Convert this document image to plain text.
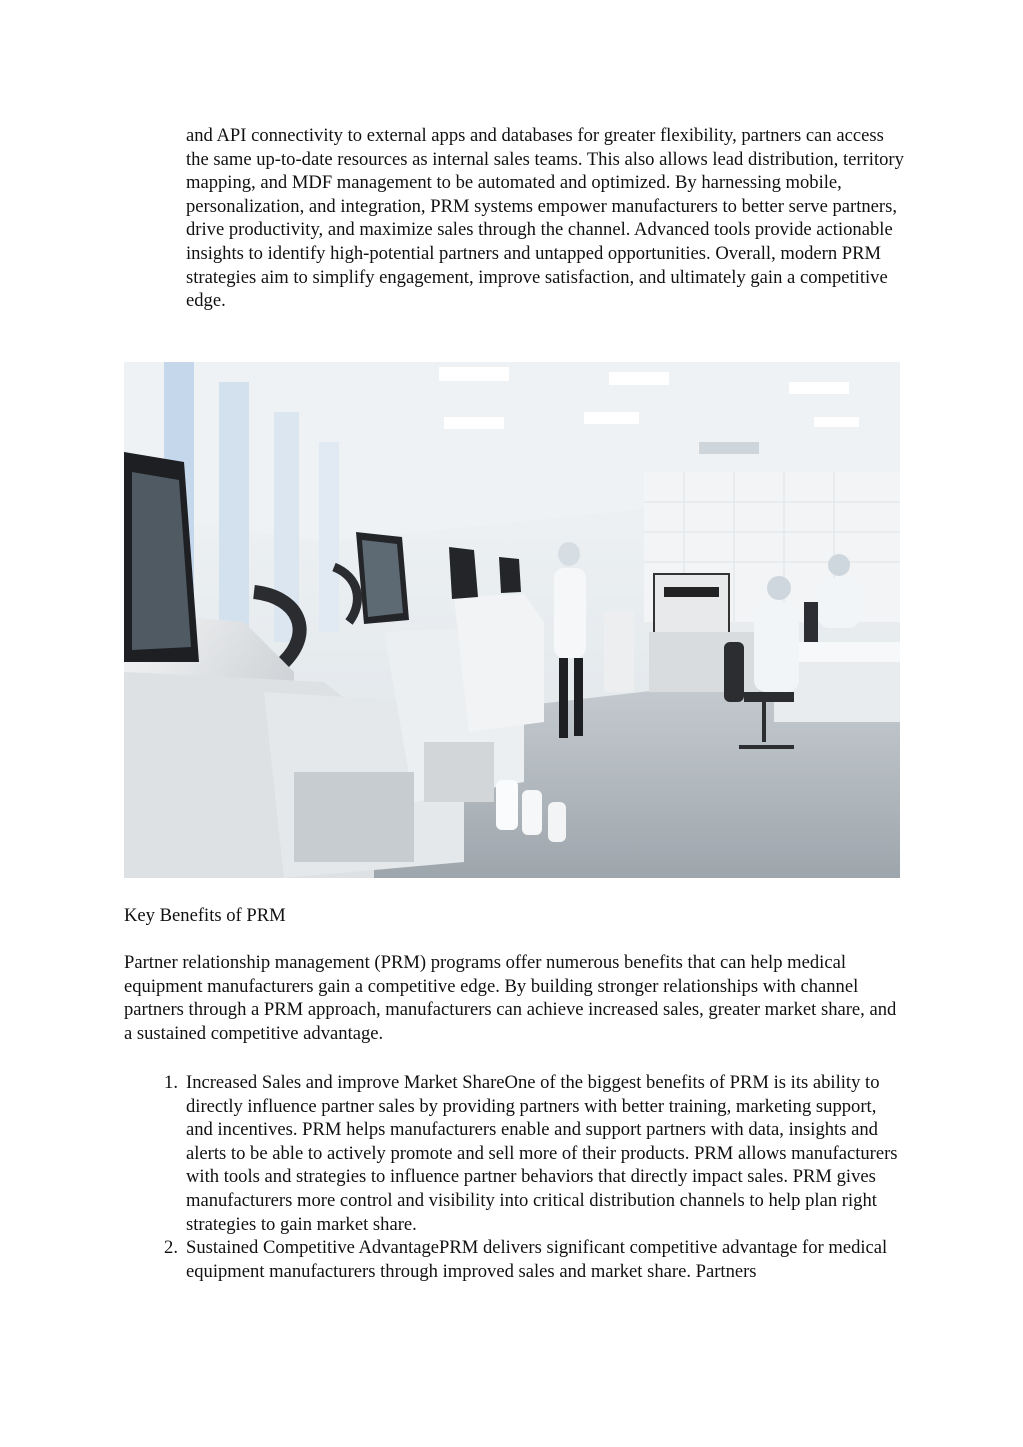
and API connectivity to external apps and databases for greater flexibility, partners can access the same up-to-date resources as internal sales teams. This also allows lead distribution, territory mapping, and MDF management to be automated and optimized. By harnessing mobile, personalization, and integration, PRM systems empower manufacturers to better serve partners, drive productivity, and maximize sales through the channel. Advanced tools provide actionable insights to identify high-potential partners and untapped opportunities. Overall, modern PRM strategies aim to simplify engagement, improve satisfaction, and ultimately gain a competitive edge.

Key Benefits of PRM

Partner relationship management (PRM) programs offer numerous benefits that can help medical equipment manufacturers gain a competitive edge. By building stronger relationships with channel partners through a PRM approach, manufacturers can achieve increased sales, greater market share, and a sustained competitive advantage.

1. Increased Sales and improve Market ShareOne of the biggest benefits of PRM is its ability to directly influence partner sales by providing partners with better training, marketing support, and incentives. PRM helps manufacturers enable and support partners with data, insights and alerts to be able to actively promote and sell more of their products. PRM allows manufacturers with tools and strategies to influence partner behaviors that directly impact sales. PRM gives manufacturers more control and visibility into critical distribution channels to help plan right strategies to gain market share.
2. Sustained Competitive AdvantagePRM delivers significant competitive advantage for medical equipment manufacturers through improved sales and market share. Partners
